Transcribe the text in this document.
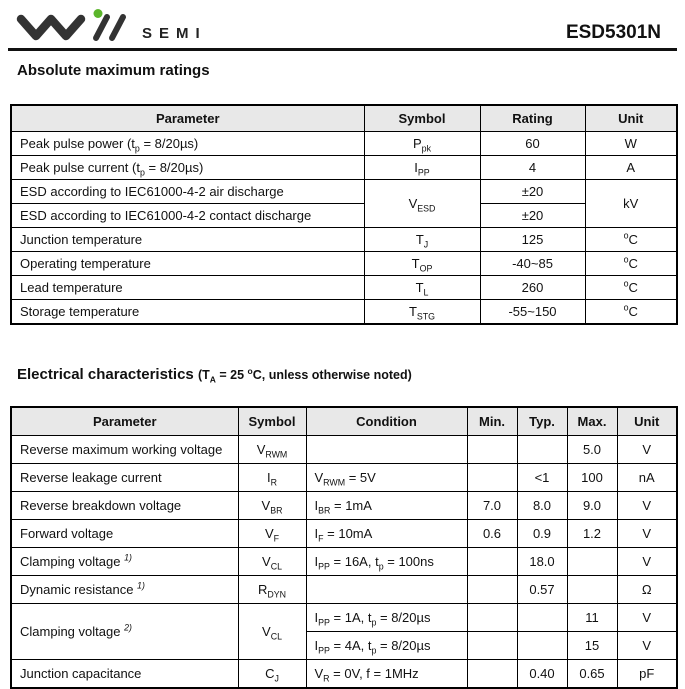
SEMI	ESD5301N
Absolute maximum ratings
Parameter	Symbol	Rating	Unit
Peak pulse power $(t_p = 8/20\mu s)$	$P_{pk}$	60	W
Peak pulse current $(t_p = 8/20\mu s)$	$I_{PP}$	4	A
ESD according to IEC61000-4-2 air discharge	$V_{ESD}$	±20	kV
ESD according to IEC61000-4-2 contact discharge		±20	
Junction temperature	$T_J$	125	$^o$C
Operating temperature	$T_{OP}$	-40~85	$^o$C
Lead temperature	$T_L$	260	$^o$C
Storage temperature	$T_{STG}$	-55~150	$^o$C
Electrical characteristics ($T_A = 25$ $^o$C, unless otherwise noted)
Parameter	Symbol	Condition	Min.	Typ.	Max.	Unit
Reverse maximum working voltage	$V_{RWM}$				5.0	V
Reverse leakage current	$I_R$	$V_{RWM} = 5V$		<1	100	nA
Reverse breakdown voltage	$V_{BR}$	$I_{BR} = 1mA$	7.0	8.0	9.0	V
Forward voltage	$V_F$	$I_F = 10mA$	0.6	0.9	1.2	V
Clamping voltage $^{1)}$	$V_{CL}$	$I_{PP} = 16A$, $t_p = 100ns$		18.0		V
Dynamic resistance $^{1)}$	$R_{DYN}$			0.57		Ω
Clamping voltage $^{2)}$	$V_{CL}$	$I_{PP} = 1A$, $t_p = 8/20\mu s$			11	V
		$I_{PP} = 4A$, $t_p = 8/20\mu s$			15	V
Junction capacitance	$C_J$	$V_R = 0V$, f = 1MHz		0.40	0.65	pF
